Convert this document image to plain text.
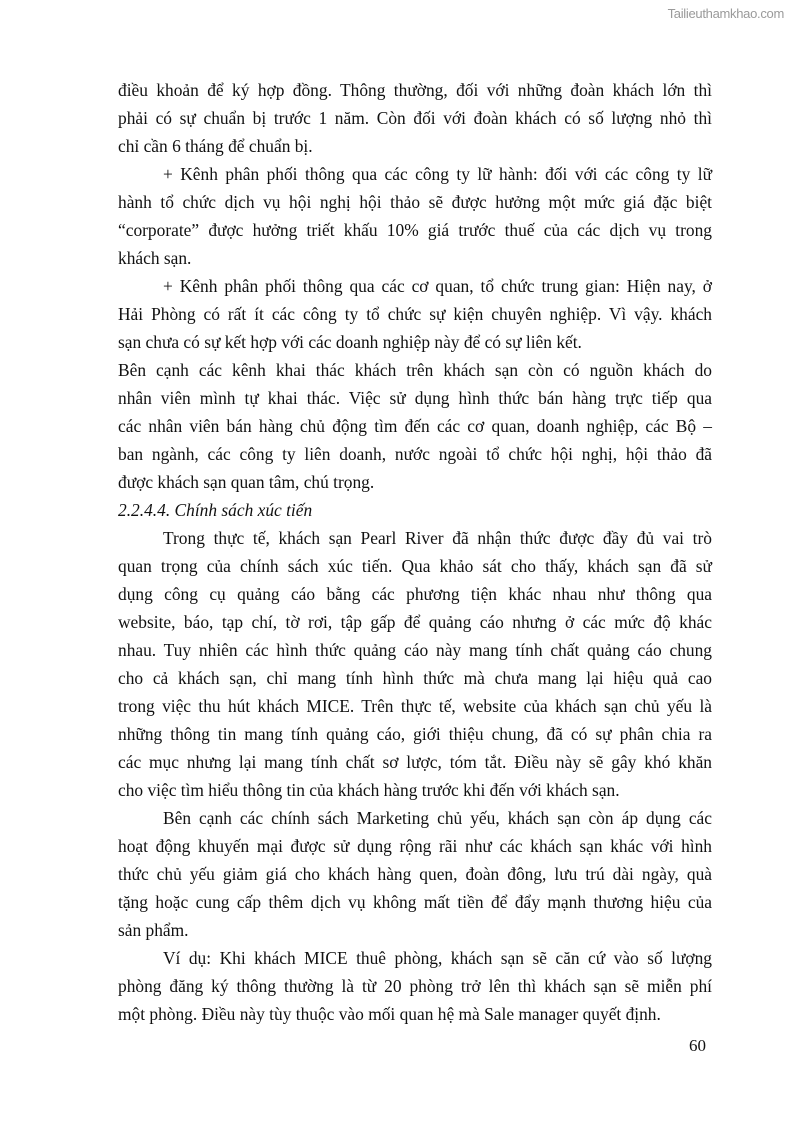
Tailieuthamkhao.com
điều khoản để ký hợp đồng. Thông thường, đối với những đoàn khách lớn thì
phải có sự chuẩn bị trước 1 năm. Còn đối với đoàn khách có số lượng nhỏ thì
chỉ cần 6 tháng để chuẩn bị.
+ Kênh phân phối thông qua các công ty lữ hành: đối với các công ty lữ
hành tổ chức dịch vụ hội nghị hội thảo sẽ được hưởng một mức giá đặc biệt
“corporate” được hưởng triết khấu 10% giá trước thuế của các dịch vụ trong
khách sạn.
+ Kênh phân phối thông qua các cơ quan, tổ chức trung gian: Hiện nay, ở
Hải Phòng có rất ít các công ty tổ chức sự kiện chuyên nghiệp. Vì vậy. khách
sạn chưa có sự kết hợp với các doanh nghiệp này để có sự liên kết.
Bên cạnh các kênh khai thác khách trên khách sạn còn có nguồn khách do
nhân viên mình tự khai thác. Việc sử dụng hình thức bán hàng trực tiếp qua
các nhân viên bán hàng chủ động tìm đến các cơ quan, doanh nghiệp, các Bộ –
ban ngành, các công ty liên doanh, nước ngoài tổ chức hội nghị, hội thảo đã
được khách sạn quan tâm, chú trọng.
2.2.4.4. Chính sách xúc tiến
Trong thực tế, khách sạn Pearl River đã nhận thức được đầy đủ vai trò
quan trọng của chính sách xúc tiến. Qua khảo sát cho thấy, khách sạn đã sử
dụng công cụ quảng cáo bằng các phương tiện khác nhau như thông qua
website, báo, tạp chí, tờ rơi, tập gấp để quảng cáo nhưng ở các mức độ khác
nhau. Tuy nhiên các hình thức quảng cáo này mang tính chất quảng cáo chung
cho cả khách sạn, chỉ mang tính hình thức mà chưa mang lại hiệu quả cao
trong việc thu hút khách MICE. Trên thực tế, website của khách sạn chủ yếu là
những thông tin mang tính quảng cáo, giới thiệu chung, đã có sự phân chia ra
các mục nhưng lại mang tính chất sơ lược, tóm tắt. Điều này sẽ gây khó khăn
cho việc tìm hiểu thông tin của khách hàng trước khi đến với khách sạn.
Bên cạnh các chính sách Marketing chủ yếu, khách sạn còn áp dụng các
hoạt động khuyến mại được sử dụng rộng rãi như các khách sạn khác với hình
thức chủ yếu giảm giá cho khách hàng quen, đoàn đông, lưu trú dài ngày, quà
tặng hoặc cung cấp thêm dịch vụ không mất tiền để đẩy mạnh thương hiệu của
sản phẩm.
Ví dụ: Khi khách MICE thuê phòng, khách sạn sẽ căn cứ vào số lượng
phòng đăng ký thông thường là từ 20 phòng trở lên thì khách sạn sẽ miễn phí
một phòng. Điều này tùy thuộc vào mối quan hệ mà Sale manager quyết định.
60
